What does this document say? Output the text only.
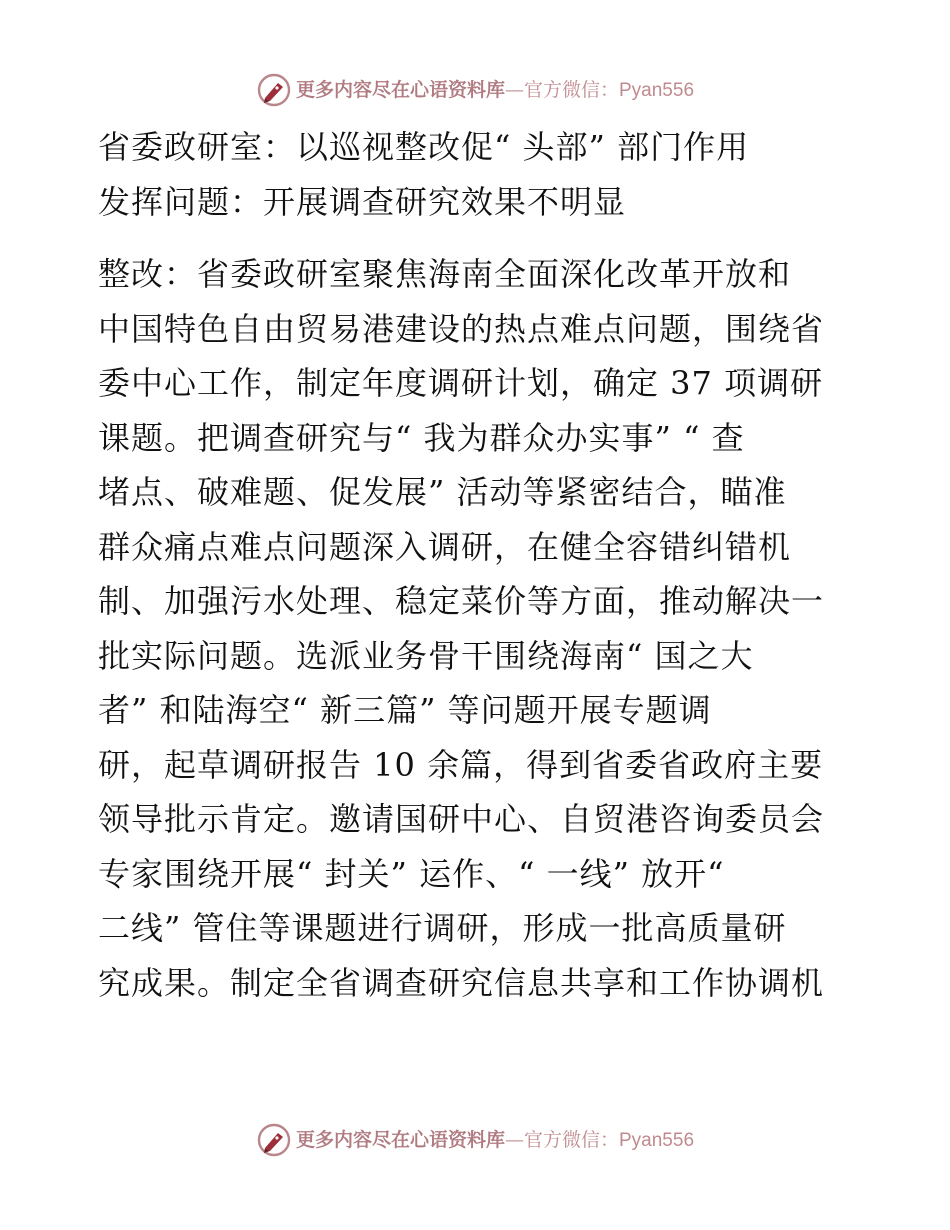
更多内容尽在心语资料库—官方微信：Pyan556
省委政研室：以巡视整改促“ 头部” 部门作用
发挥问题：开展调查研究效果不明显
整改：省委政研室聚焦海南全面深化改革开放和
中国特色自由贸易港建设的热点难点问题，围绕省
委中心工作，制定年度调研计划，确定 37 项调研
课题。把调查研究与“ 我为群众办实事” “ 查
堵点、破难题、促发展” 活动等紧密结合，瞄准
群众痛点难点问题深入调研，在健全容错纠错机
制、加强污水处理、稳定菜价等方面，推动解决一
批实际问题。选派业务骨干围绕海南“ 国之大
者” 和陆海空“ 新三篇” 等问题开展专题调
研，起草调研报告 10 余篇，得到省委省政府主要
领导批示肯定。邀请国研中心、自贸港咨询委员会
专家围绕开展“ 封关” 运作、“ 一线” 放开“
二线” 管住等课题进行调研，形成一批高质量研
究成果。制定全省调查研究信息共享和工作协调机
更多内容尽在心语资料库—官方微信：Pyan556
